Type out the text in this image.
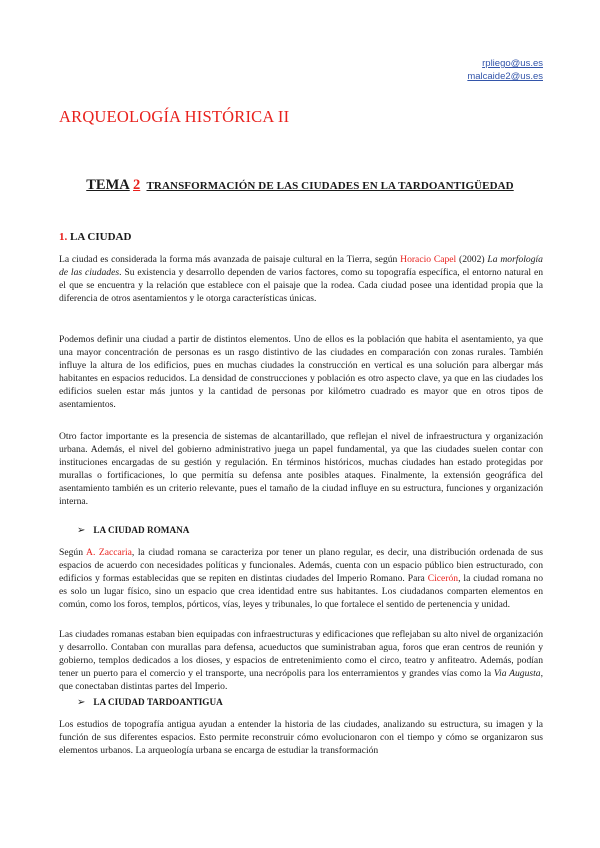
rpliego@us.es
malcaide2@us.es
ARQUEOLOGÍA HISTÓRICA II
TEMA 2 TRANSFORMACIÓN DE LAS CIUDADES EN LA TARDOANTIGÜEDAD
1. LA CIUDAD

La ciudad es considerada la forma más avanzada de paisaje cultural en la Tierra, según Horacio Capel (2002) La morfología de las ciudades. Su existencia y desarrollo dependen de varios factores, como su topografía específica, el entorno natural en el que se encuentra y la relación que establece con el paisaje que la rodea. Cada ciudad posee una identidad propia que la diferencia de otros asentamientos y le otorga características únicas.

Podemos definir una ciudad a partir de distintos elementos. Uno de ellos es la población que habita el asentamiento, ya que una mayor concentración de personas es un rasgo distintivo de las ciudades en comparación con zonas rurales. También influye la altura de los edificios, pues en muchas ciudades la construcción en vertical es una solución para albergar más habitantes en espacios reducidos. La densidad de construcciones y población es otro aspecto clave, ya que en las ciudades los edificios suelen estar más juntos y la cantidad de personas por kilómetro cuadrado es mayor que en otros tipos de asentamientos.

Otro factor importante es la presencia de sistemas de alcantarillado, que reflejan el nivel de infraestructura y organización urbana. Además, el nivel del gobierno administrativo juega un papel fundamental, ya que las ciudades suelen contar con instituciones encargadas de su gestión y regulación. En términos históricos, muchas ciudades han estado protegidas por murallas o fortificaciones, lo que permitía su defensa ante posibles ataques. Finalmente, la extensión geográfica del asentamiento también es un criterio relevante, pues el tamaño de la ciudad influye en su estructura, funciones y organización interna.

➢ LA CIUDAD ROMANA

Según A. Zaccaria, la ciudad romana se caracteriza por tener un plano regular, es decir, una distribución ordenada de sus espacios de acuerdo con necesidades políticas y funcionales. Además, cuenta con un espacio público bien estructurado, con edificios y formas establecidas que se repiten en distintas ciudades del Imperio Romano. Para Cicerón, la ciudad romana no es solo un lugar físico, sino un espacio que crea identidad entre sus habitantes. Los ciudadanos comparten elementos en común, como los foros, templos, pórticos, vías, leyes y tribunales, lo que fortalece el sentido de pertenencia y unidad.

Las ciudades romanas estaban bien equipadas con infraestructuras y edificaciones que reflejaban su alto nivel de organización y desarrollo. Contaban con murallas para defensa, acueductos que suministraban agua, foros que eran centros de reunión y gobierno, templos dedicados a los dioses, y espacios de entretenimiento como el circo, teatro y anfiteatro. Además, podían tener un puerto para el comercio y el transporte, una necrópolis para los enterramientos y grandes vías como la Via Augusta, que conectaban distintas partes del Imperio.

➢ LA CIUDAD TARDOANTIGUA

Los estudios de topografía antigua ayudan a entender la historia de las ciudades, analizando su estructura, su imagen y la función de sus diferentes espacios. Esto permite reconstruir cómo evolucionaron con el tiempo y cómo se organizaron sus elementos urbanos. La arqueología urbana se encarga de estudiar la transformación
